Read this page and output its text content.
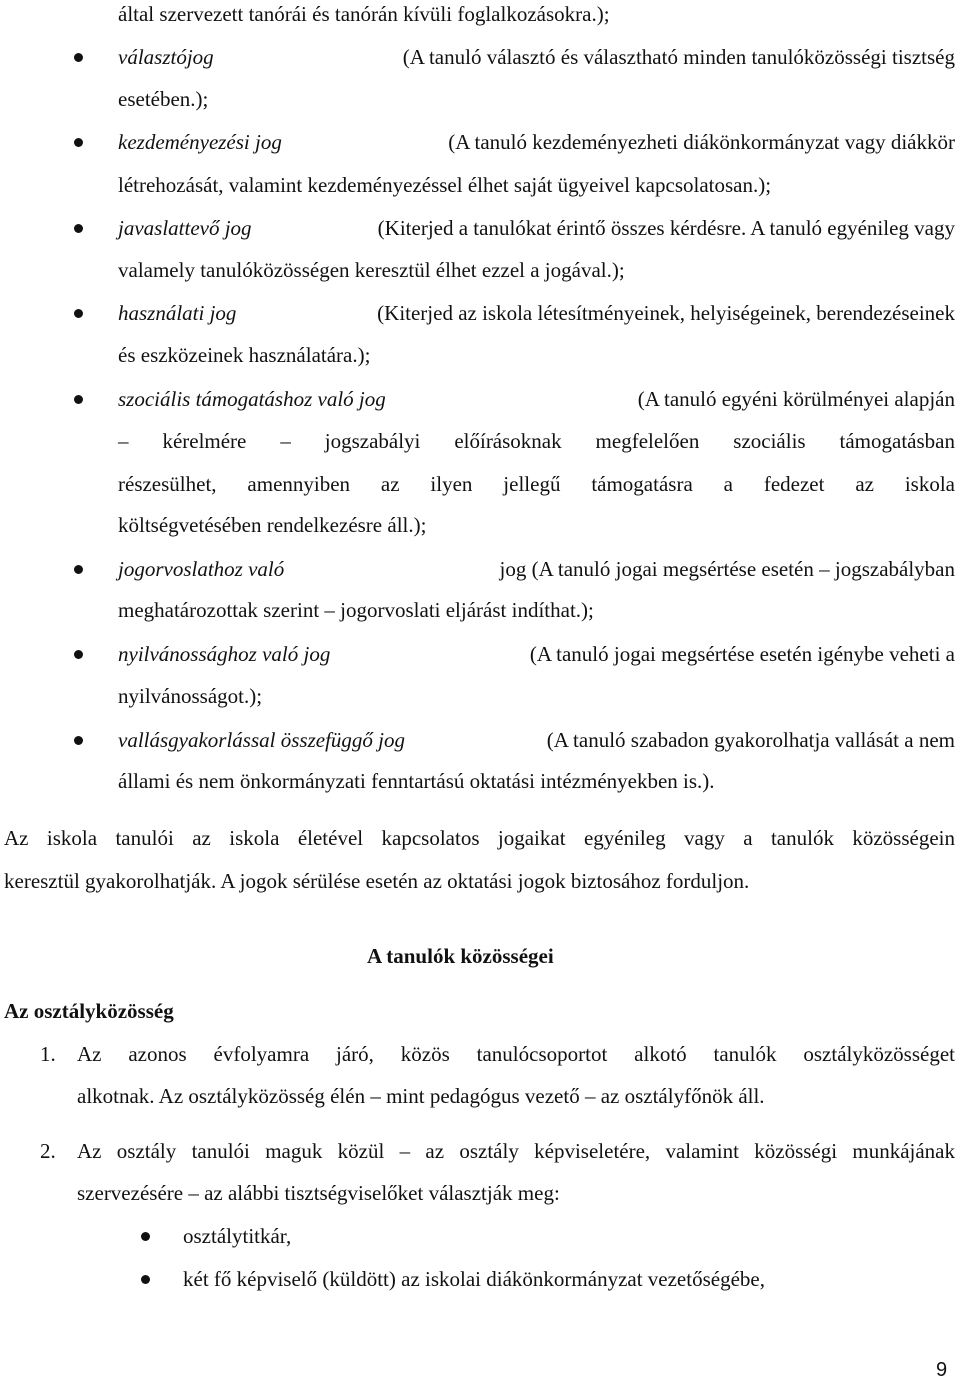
által szervezett tanórái és tanórán kívüli foglalkozásokra.);
választójog	(A tanuló választó és választható minden tanulóközösségi tisztség
esetében.);
kezdeményezési jog	(A tanuló kezdeményezheti diákönkormányzat vagy diákkör
létrehozását, valamint kezdeményezéssel élhet saját ügyeivel kapcsolatosan.);
javaslattevő jog	(Kiterjed a tanulókat érintő összes kérdésre. A tanuló egyénileg vagy
valamely tanulóközösségen keresztül élhet ezzel a jogával.);
használati jog	(Kiterjed az iskola létesítményeinek, helyiségeinek, berendezéseinek
és eszközeinek használatára.);
szociális támogatáshoz való jog	(A tanuló egyéni körülményei alapján
– kérelmére – jogszabályi előírásoknak megfelelően szociális támogatásban
részesülhet, amennyiben az ilyen jellegű támogatásra a fedezet az iskola
költségvetésében rendelkezésre áll.);
jogorvoslathoz való	jog (A tanuló jogai megsértése esetén – jogszabályban
meghatározottak szerint – jogorvoslati eljárást indíthat.);
nyilvánossághoz való jog	(A tanuló jogai megsértése esetén igénybe veheti a
nyilvánosságot.);
vallásgyakorlással összefüggő jog	(A tanuló szabadon gyakorolhatja vallását a nem
állami és nem önkormányzati fenntartású oktatási intézményekben is.).
Az iskola tanulói az iskola életével kapcsolatos jogaikat egyénileg vagy a tanulók közösségein
keresztül gyakorolhatják. A jogok sérülése esetén az oktatási jogok biztosához forduljon.
A tanulók közösségei
Az osztályközösség
1. Az azonos évfolyamra járó, közös tanulócsoportot alkotó tanulók osztályközösséget
alkotnak. Az osztályközösség élén – mint pedagógus vezető – az osztályfőnök áll.
2. Az osztály tanulói maguk közül – az osztály képviseletére, valamint közösségi munkájának
szervezésére – az alábbi tisztségviselőket választják meg:
osztálytitkár,
két fő képviselő (küldött) az iskolai diákönkormányzat vezetőségébe,
9
